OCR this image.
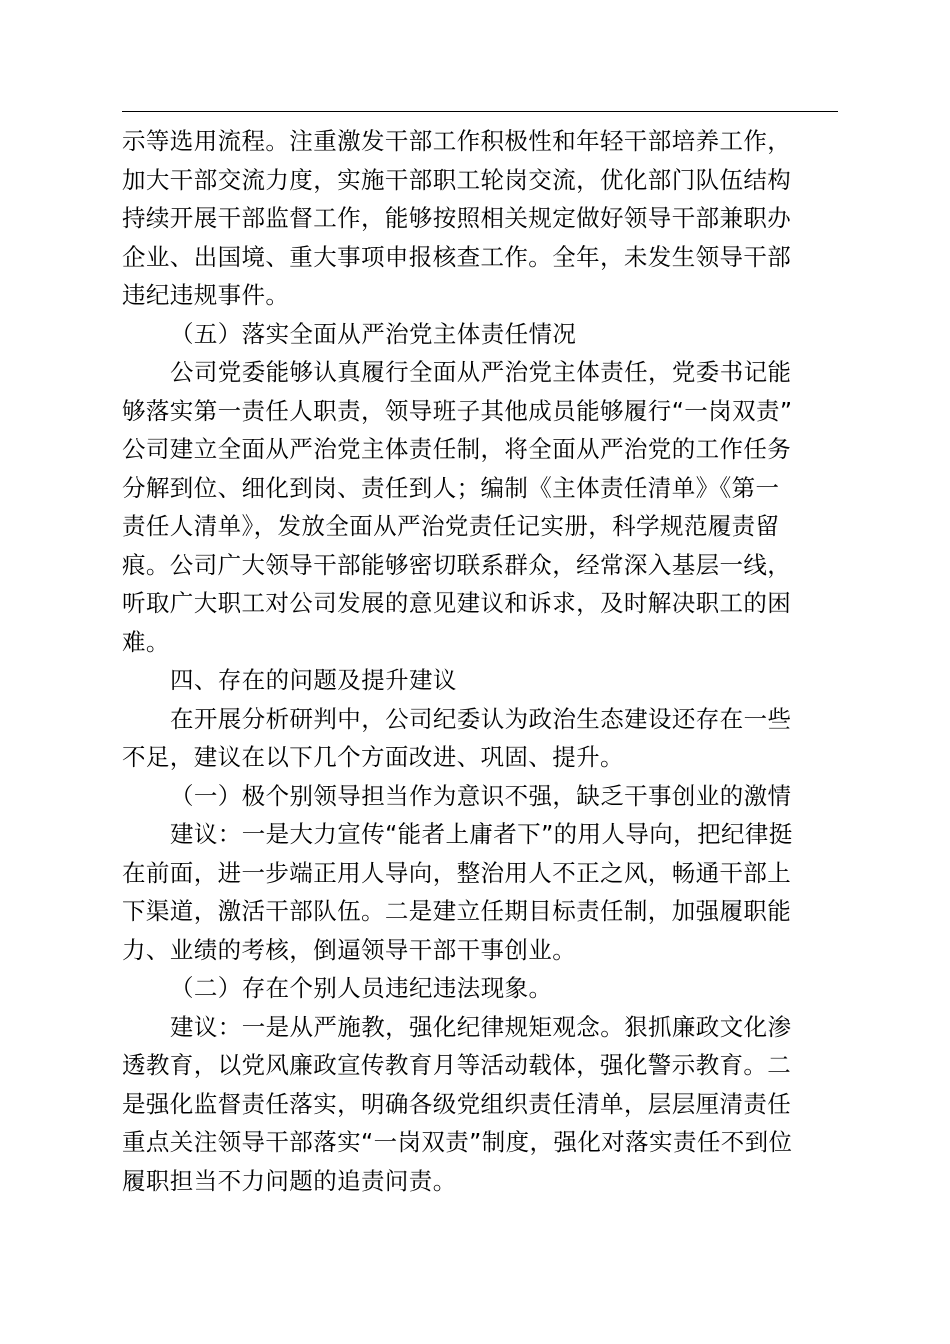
示等选用流程。注重激发干部工作积极性和年轻干部培养工作，
加大干部交流力度，实施干部职工轮岗交流，优化部门队伍结构
持续开展干部监督工作，能够按照相关规定做好领导干部兼职办
企业、出国境、重大事项申报核查工作。全年，未发生领导干部
违纪违规事件。
（五）落实全面从严治党主体责任情况
公司党委能够认真履行全面从严治党主体责任，党委书记能
够落实第一责任人职责，领导班子其他成员能够履行“一岗双责”
公司建立全面从严治党主体责任制，将全面从严治党的工作任务
分解到位、细化到岗、责任到人；编制《主体责任清单》《第一
责任人清单》，发放全面从严治党责任记实册，科学规范履责留
痕。公司广大领导干部能够密切联系群众，经常深入基层一线，
听取广大职工对公司发展的意见建议和诉求，及时解决职工的困
难。
四、存在的问题及提升建议
在开展分析研判中，公司纪委认为政治生态建设还存在一些
不足，建议在以下几个方面改进、巩固、提升。
（一）极个别领导担当作为意识不强，缺乏干事创业的激情
建议：一是大力宣传“能者上庸者下”的用人导向，把纪律挺
在前面，进一步端正用人导向，整治用人不正之风，畅通干部上
下渠道，激活干部队伍。二是建立任期目标责任制，加强履职能
力、业绩的考核，倒逼领导干部干事创业。
（二）存在个别人员违纪违法现象。
建议：一是从严施教，强化纪律规矩观念。狠抓廉政文化渗
透教育，以党风廉政宣传教育月等活动载体，强化警示教育。二
是强化监督责任落实，明确各级党组织责任清单，层层厘清责任
重点关注领导干部落实“一岗双责”制度，强化对落实责任不到位
履职担当不力问题的追责问责。
